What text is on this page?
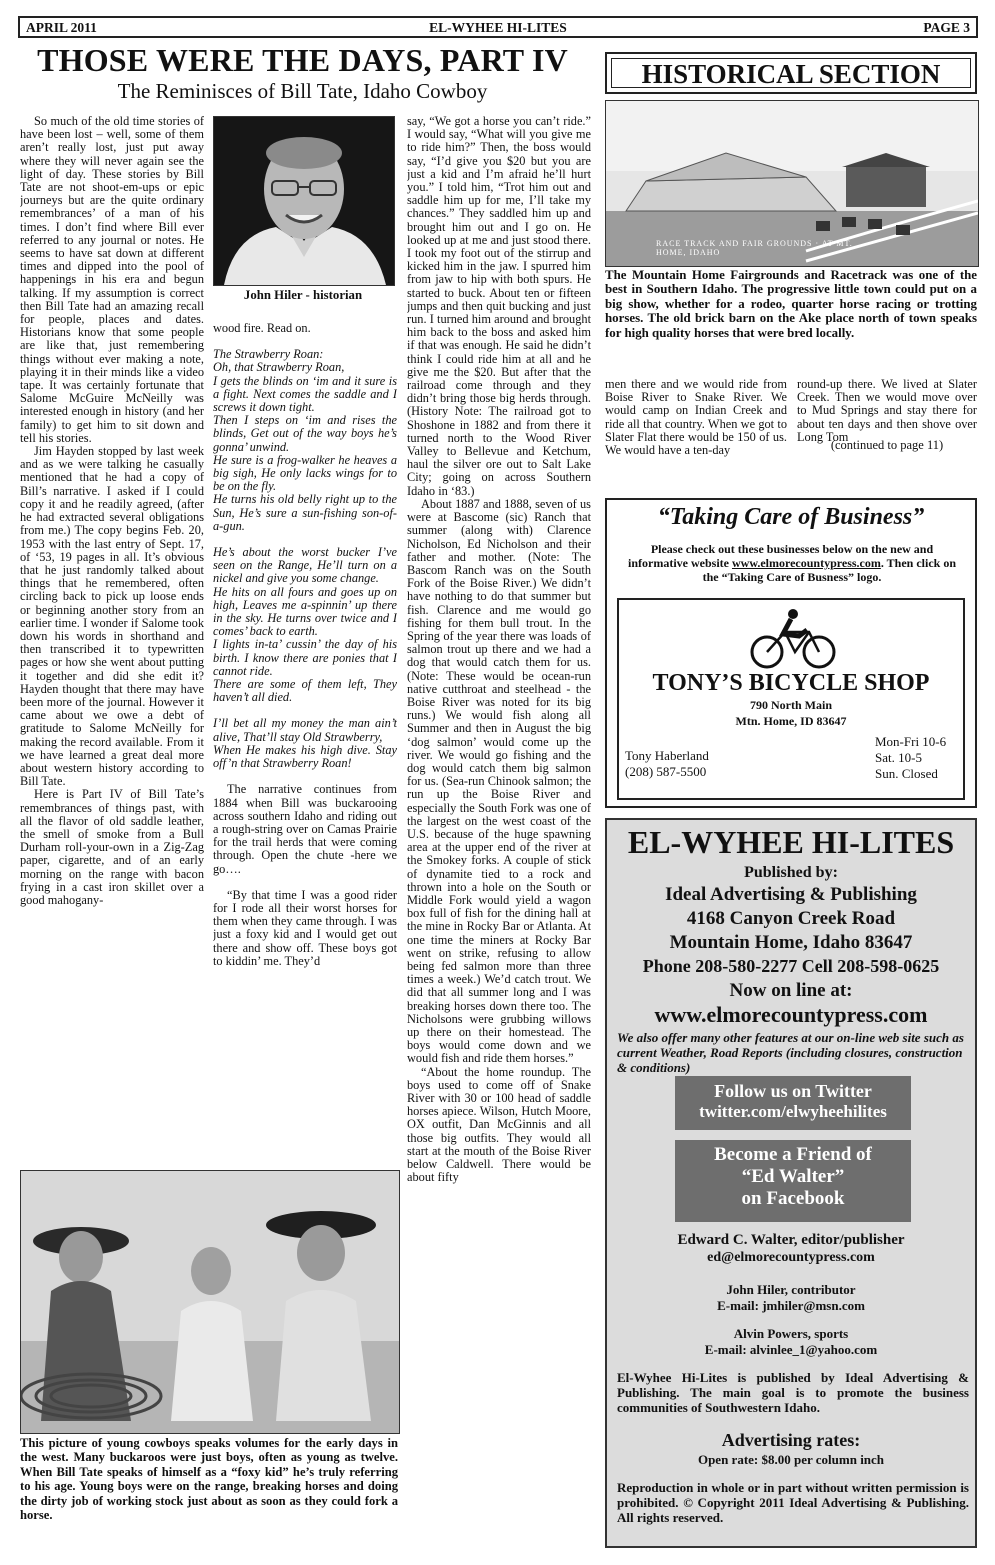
APRIL 2011	EL-WYHEE HI-LITES	PAGE 3
THOSE WERE THE DAYS, PART IV
The Reminisces of Bill Tate, Idaho Cowboy

So much of the old time stories of have been lost – well, some of them aren’t really lost, just put away where they will never again see the light of day. These stories by Bill Tate are not shoot-em-ups or epic journeys but are the quite ordinary remembrances’ of a man of his times. I don’t find where Bill ever referred to any journal or notes. He seems to have sat down at different times and dipped into the pool of happenings in his era and begun talking. If my assumption is correct then Bill Tate had an amazing recall for people, places and dates. Historians know that some people are like that, just remembering things without ever making a note, playing it in their minds like a video tape. It was certainly fortunate that Salome McGuire McNeilly was interested enough in history (and her family) to get him to sit down and tell his stories.

Jim Hayden stopped by last week and as we were talking he casually mentioned that he had a copy of Bill’s narrative. I asked if I could copy it and he readily agreed, (after he had extracted several obligations from me.) The copy begins Feb. 20, 1953 with the last entry of Sept. 17, of ‘53, 19 pages in all. It’s obvious that he just randomly talked about things that he remembered, often circling back to pick up loose ends or beginning another story from an earlier time. I wonder if Salome took down his words in shorthand and then transcribed it to typewritten pages or how she went about putting it together and did she edit it? Hayden thought that there may have been more of the journal. However it came about we owe a debt of gratitude to Salome McNeilly for making the record available. From it we have learned a great deal more about western history according to Bill Tate.

Here is Part IV of Bill Tate’s remembrances of things past, with all the flavor of old saddle leather, the smell of smoke from a Bull Durham roll-your-own in a Zig-Zag paper, cigarette, and of an early morning on the range with bacon frying in a cast iron skillet over a good mahogany-

John Hiler - historian

wood fire. Read on.

The Strawberry Roan:

Oh, that Strawberry Roan,

I gets the blinds on ‘im and it sure is a fight. Next comes the saddle and I screws it down tight.

Then I steps on ‘im and rises the blinds, Get out of the way boys he’s gonna’ unwind.

He sure is a frog-walker he heaves a big sigh, He only lacks wings for to be on the fly.

He turns his old belly right up to the Sun, He’s sure a sun-fishing son-of-a-gun.

He’s about the worst bucker I’ve seen on the Range, He’ll turn on a nickel and give you some change.

He hits on all fours and goes up on high, Leaves me a-spinnin’ up there in the sky. He turns over twice and I comes’ back to earth.

I lights in-ta’ cussin’ the day of his birth. I know there are ponies that I cannot ride.

There are some of them left, They haven’t all died.

I’ll bet all my money the man ain’t alive, That’ll stay Old Strawberry,

When He makes his high dive. Stay off’n that Strawberry Roan!

The narrative continues from 1884 when Bill was buckarooing across southern Idaho and riding out a rough-string over on Camas Prairie for the trail herds that were coming through. Open the chute -here we go….

“By that time I was a good rider for I rode all their worst horses for them when they came through. I was just a foxy kid and I would get out there and show off. These boys got to kiddin’ me. They’d

say, “We got a horse you can’t ride.” I would say, “What will you give me to ride him?” Then, the boss would say, “I’d give you $20 but you are just a kid and I’m afraid he’ll hurt you.” I told him, “Trot him out and saddle him up for me, I’ll take my chances.” They saddled him up and brought him out and I go on. He looked up at me and just stood there. I took my foot out of the stirrup and kicked him in the jaw. I spurred him from jaw to hip with both spurs. He started to buck. About ten or fifteen jumps and then quit bucking and just run. I turned him around and brought him back to the boss and asked him if that was enough. He said he didn’t think I could ride him at all and he give me the $20. But after that the railroad come through and they didn’t bring those big herds through. (History Note: The railroad got to Shoshone in 1882 and from there it turned north to the Wood River Valley to Bellevue and Ketchum, haul the silver ore out to Salt Lake City; going on across Southern Idaho in ‘83.)

About 1887 and 1888, seven of us were at Bascome (sic) Ranch that summer (along with) Clarence Nicholson, Ed Nicholson and their father and mother. (Note: The Bascom Ranch was on the South Fork of the Boise River.) We didn’t have nothing to do that summer but fish. Clarence and me would go fishing for them bull trout. In the Spring of the year there was loads of salmon trout up there and we had a dog that would catch them for us. (Note: These would be ocean-run native cutthroat and steelhead - the Boise River was noted for its big runs.) We would fish along all Summer and then in August the big ‘dog salmon’ would come up the river. We would go fishing and the dog would catch them big salmon for us. (Sea-run Chinook salmon; the run up the Boise River and especially the South Fork was one of the largest on the west coast of the U.S. because of the huge spawning area at the upper end of the river at the Smokey forks. A couple of stick of dynamite tied to a rock and thrown into a hole on the South or Middle Fork would yield a wagon box full of fish for the dining hall at the mine in Rocky Bar or Atlanta. At one time the miners at Rocky Bar went on strike, refusing to allow being fed salmon more than three times a week.) We’d catch trout. We did that all summer long and I was breaking horses down there too. The Nicholsons were grubbing willows up there on their homestead. The boys would come down and we would fish and ride them horses.”

“About the home roundup. The boys used to come off of Snake River with 30 or 100 head of saddle horses apiece. Wilson, Hutch Moore, OX outfit, Dan McGinnis and all those big outfits. They would all start at the mouth of the Boise River below Caldwell. There would be about fifty

This picture of young cowboys speaks volumes for the early days in the west. Many buckaroos were just boys, often as young as twelve. When Bill Tate speaks of himself as a “foxy kid” he’s truly referring to his age. Young boys were on the range, breaking horses and doing the dirty job of working stock just about as soon as they could fork a horse.
HISTORICAL SECTION
RACE TRACK AND FAIR GROUNDS · AT MT. HOME, IDAHO
The Mountain Home Fairgrounds and Racetrack was one of the best in Southern Idaho. The progressive little town could put on a big show, whether for a rodeo, quarter horse racing or trotting horses. The old brick barn on the Ake place north of town speaks for high quality horses that were bred locally.

men there and we would ride from Boise River to Snake River. We would camp on Indian Creek and ride all that country. When we got to Slater Flat there would be 150 of us. We would have a ten-day

round-up there. We lived at Slater Creek. Then we would move over to Mud Springs and stay there for about ten days and then shove over Long Tom

(continued to page 11)
“Taking Care of Business”
Please check out these businesses below on the new and informative website www.elmorecountypress.com. Then click on the “Taking Care of Busness” logo.
TONY’S BICYCLE SHOP
790 North Main
Mtn. Home, ID 83647
Tony Haberland
(208) 587-5500
Mon-Fri 10-6
Sat. 10-5
Sun. Closed
EL-WYHEE HI-LITES
Published by:
Ideal Advertising & Publishing
4168 Canyon Creek Road
Mountain Home, Idaho 83647
Phone 208-580-2277 Cell 208-598-0625
Now on line at:
www.elmorecountypress.com
We also offer many other features at our on-line web site such as current Weather, Road Reports (including closures, construction & conditions)
Follow us on Twitter
twitter.com/elwyheehilites
Become a Friend of
“Ed Walter”
on Facebook
Edward C. Walter, editor/publisher
ed@elmorecountypress.com
John Hiler, contributor
E-mail: jmhiler@msn.com
Alvin Powers, sports
E-mail: alvinlee_1@yahoo.com
El-Wyhee Hi-Lites is published by Ideal Advertising & Publishing. The main goal is to promote the business communities of Southwestern Idaho.
Advertising rates:
Open rate: $8.00 per column inch
Reproduction in whole or in part without written permission is prohibited. © Copyright 2011 Ideal Advertising & Publishing. All rights reserved.
